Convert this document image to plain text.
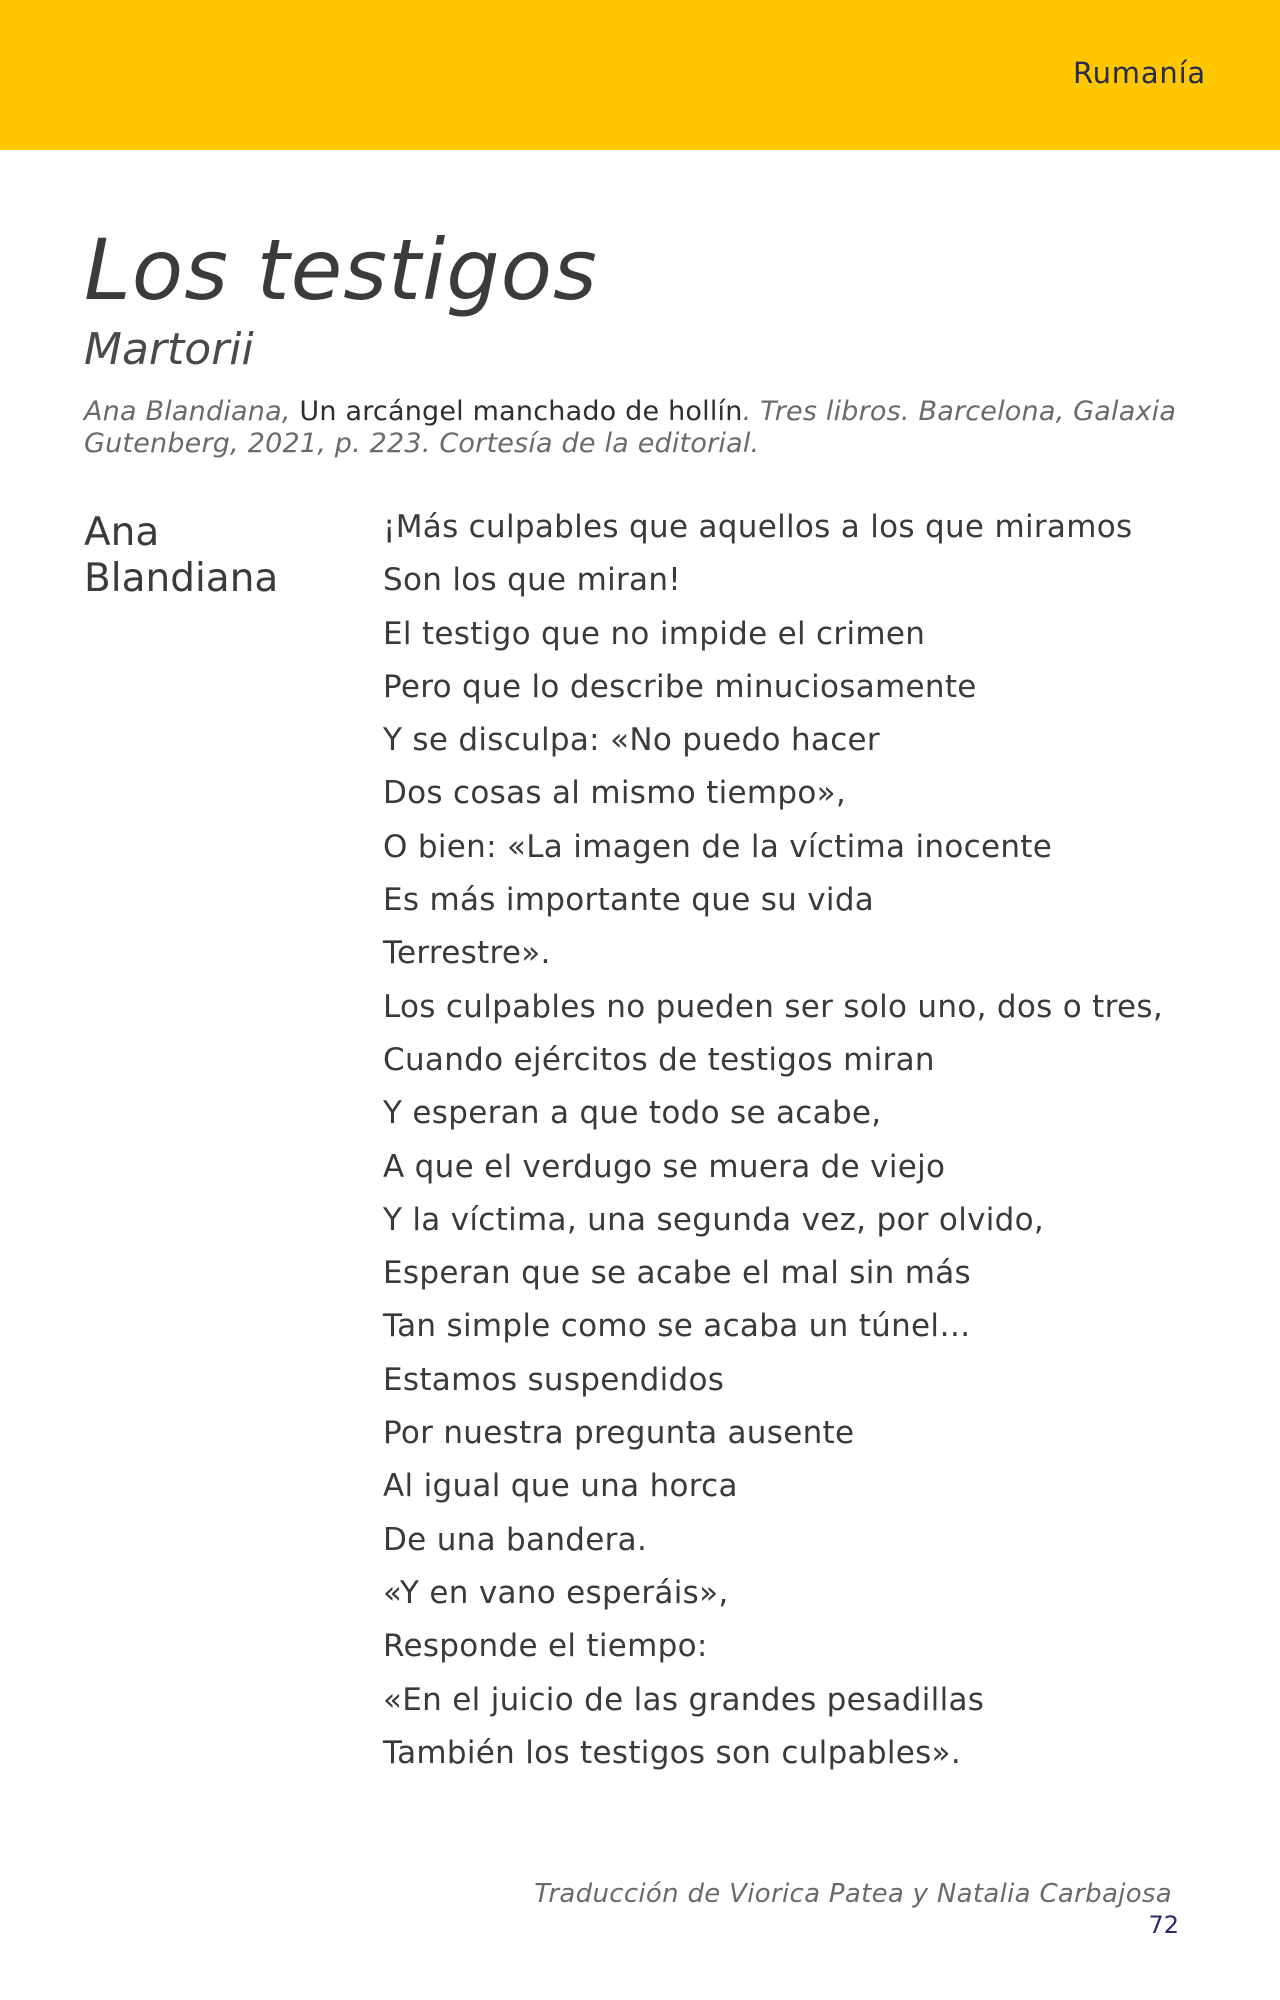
Rumanía
Los testigos
Martorii
Ana Blandiana, Un arcángel manchado de hollín. Tres libros. Barcelona, Galaxia Gutenberg, 2021, p. 223. Cortesía de la editorial.
Ana Blandiana
¡Más culpables que aquellos a los que miramos
Son los que miran!
El testigo que no impide el crimen
Pero que lo describe minuciosamente
Y se disculpa: «No puedo hacer
Dos cosas al mismo tiempo»,
O bien: «La imagen de la víctima inocente
Es más importante que su vida
Terrestre».
Los culpables no pueden ser solo uno, dos o tres,
Cuando ejércitos de testigos miran
Y esperan a que todo se acabe,
A que el verdugo se muera de viejo
Y la víctima, una segunda vez, por olvido,
Esperan que se acabe el mal sin más
Tan simple como se acaba un túnel…
Estamos suspendidos
Por nuestra pregunta ausente
Al igual que una horca
De una bandera.
«Y en vano esperáis»,
Responde el tiempo:
«En el juicio de las grandes pesadillas
También los testigos son culpables».
Traducción de Viorica Patea y Natalia Carbajosa
72
